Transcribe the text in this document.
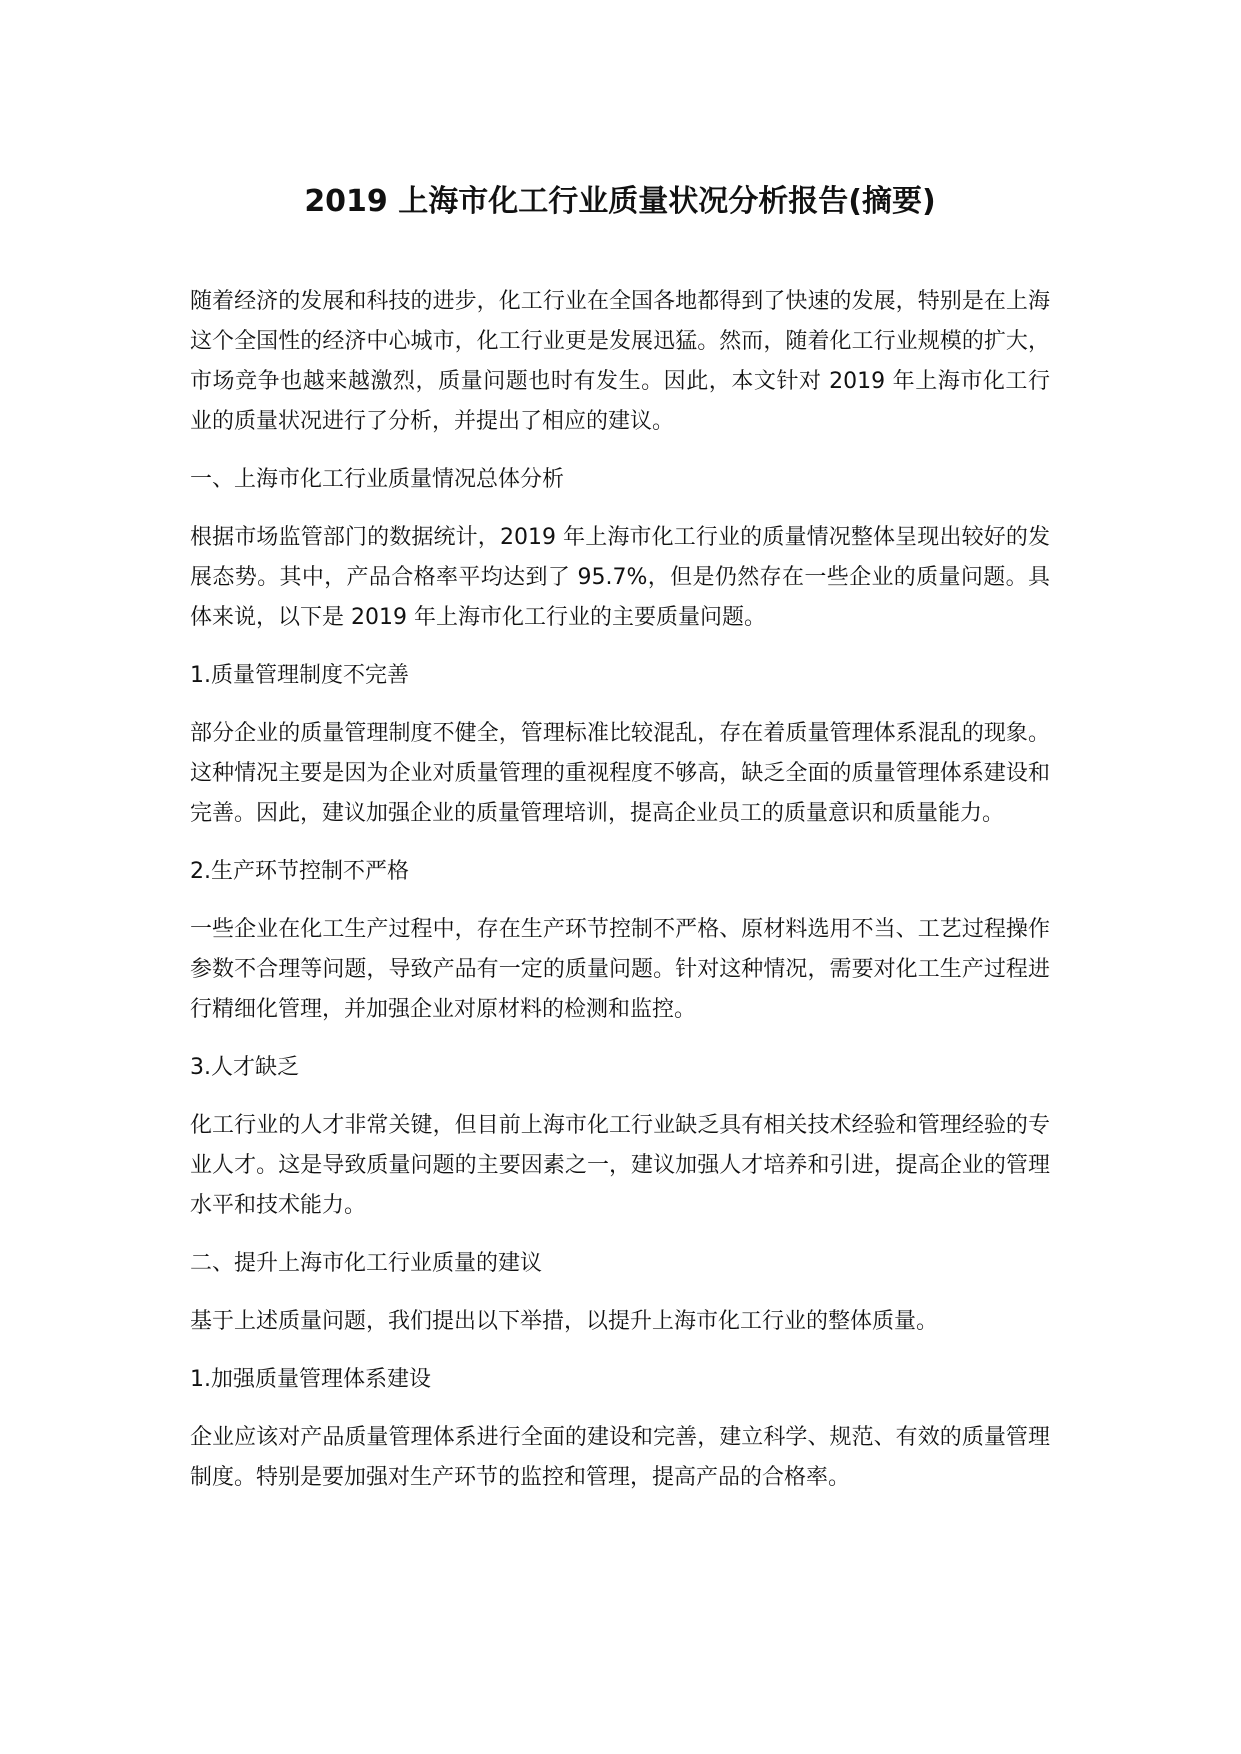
2019 上海市化工行业质量状况分析报告(摘要)

随着经济的发展和科技的进步，化工行业在全国各地都得到了快速的发展，特别是在上海这个全国性的经济中心城市，化工行业更是发展迅猛。然而，随着化工行业规模的扩大，市场竞争也越来越激烈，质量问题也时有发生。因此，本文针对 2019 年上海市化工行业的质量状况进行了分析，并提出了相应的建议。

一、上海市化工行业质量情况总体分析

根据市场监管部门的数据统计，2019 年上海市化工行业的质量情况整体呈现出较好的发展态势。其中，产品合格率平均达到了 95.7%，但是仍然存在一些企业的质量问题。具体来说，以下是 2019 年上海市化工行业的主要质量问题。

1.质量管理制度不完善

部分企业的质量管理制度不健全，管理标准比较混乱，存在着质量管理体系混乱的现象。这种情况主要是因为企业对质量管理的重视程度不够高，缺乏全面的质量管理体系建设和完善。因此，建议加强企业的质量管理培训，提高企业员工的质量意识和质量能力。

2.生产环节控制不严格

一些企业在化工生产过程中，存在生产环节控制不严格、原材料选用不当、工艺过程操作参数不合理等问题，导致产品有一定的质量问题。针对这种情况，需要对化工生产过程进行精细化管理，并加强企业对原材料的检测和监控。

3.人才缺乏

化工行业的人才非常关键，但目前上海市化工行业缺乏具有相关技术经验和管理经验的专业人才。这是导致质量问题的主要因素之一，建议加强人才培养和引进，提高企业的管理水平和技术能力。

二、提升上海市化工行业质量的建议

基于上述质量问题，我们提出以下举措，以提升上海市化工行业的整体质量。

1.加强质量管理体系建设

企业应该对产品质量管理体系进行全面的建设和完善，建立科学、规范、有效的质量管理制度。特别是要加强对生产环节的监控和管理，提高产品的合格率。
